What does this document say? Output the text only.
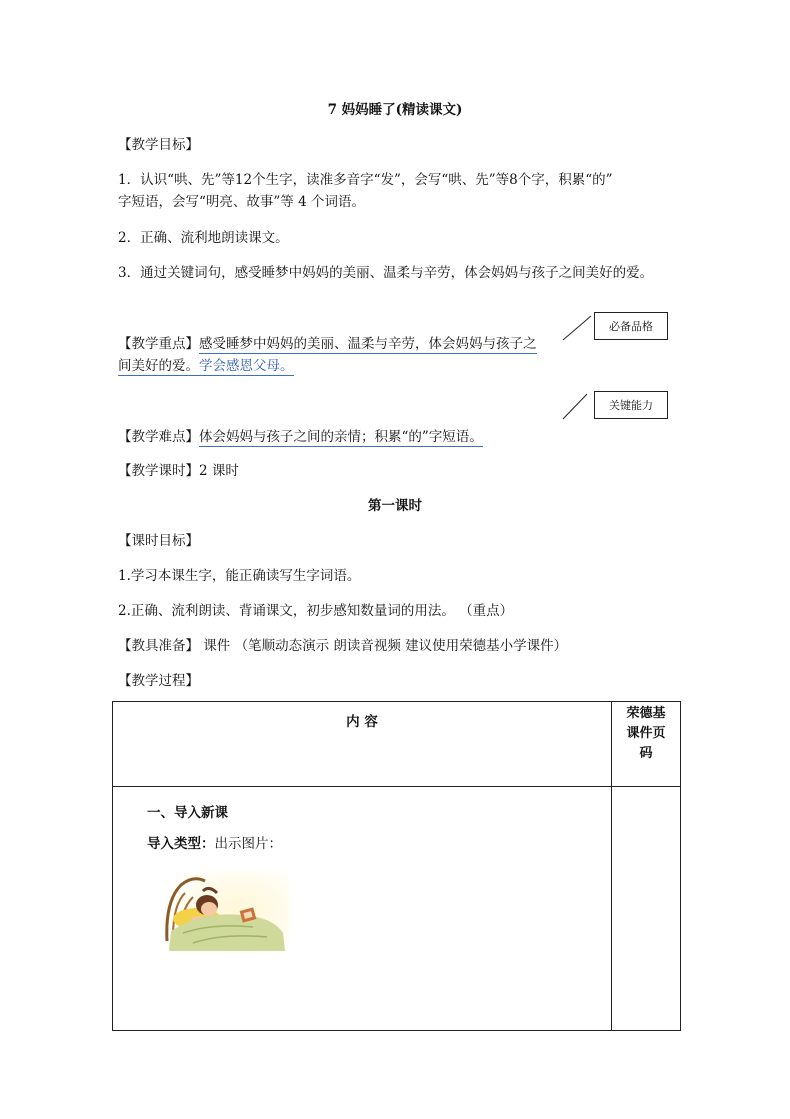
7 妈妈睡了(精读课文)
【教学目标】
1．认识“哄、先”等12个生字，读准多音字“发”，会写“哄、先”等8个字，积累“的”
字短语，会写“明亮、故事”等 4 个词语。
2．正确、流利地朗读课文。
3．通过关键词句，感受睡梦中妈妈的美丽、温柔与辛劳，体会妈妈与孩子之间美好的爱。
【教学重点】感受睡梦中妈妈的美丽、温柔与辛劳，体会妈妈与孩子之
间美好的爱。学会感恩父母。
必备品格
关键能力
【教学难点】体会妈妈与孩子之间的亲情；积累“的”字短语。
【教学课时】2 课时
第一课时
【课时目标】
1.学习本课生字，能正确读写生字词语。
2.正确、流利朗读、背诵课文，初步感知数量词的用法。 （重点）
【教具准备】 课件 （笔顺动态演示 朗读音视频 建议使用荣德基小学课件）
【教学过程】
内 容	荣德基课件页码

一、导入新课
导入类型：出示图片：	
